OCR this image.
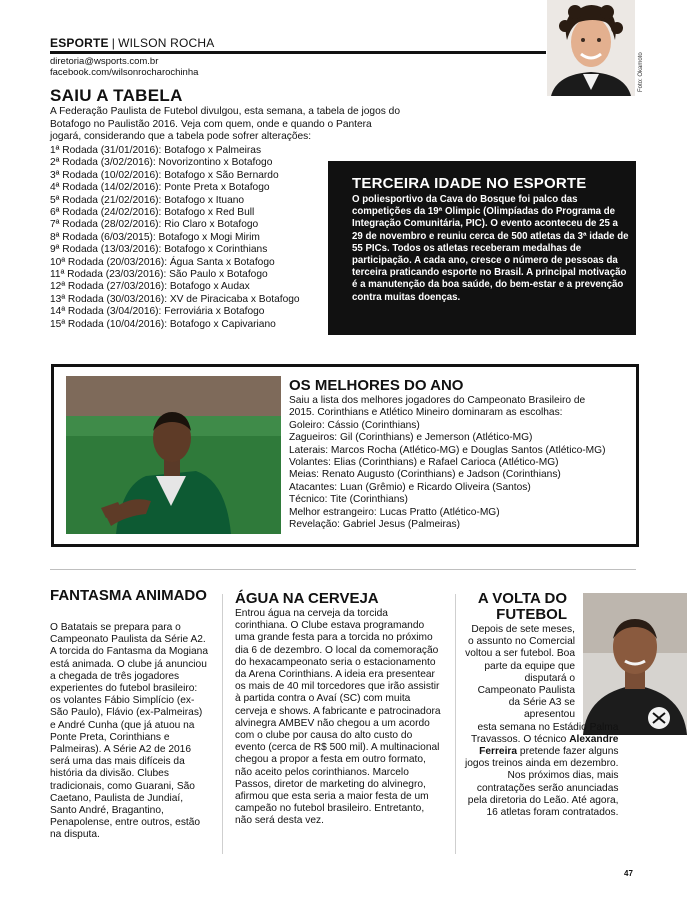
ESPORTE | WILSON ROCHA
diretoria@wsports.com.br
facebook.com/wilsonrocharochinha	Foto: Okamoto
SAIU A TABELA
A Federação Paulista de Futebol divulgou, esta semana, a tabela de jogos do Botafogo no Paulistão 2016. Veja com quem, onde e quando o Pantera jogará, considerando que a tabela pode sofrer alterações:
1ª Rodada (31/01/2016): Botafogo x Palmeiras
2ª Rodada (3/02/2016): Novorizontino x Botafogo
3ª Rodada (10/02/2016): Botafogo x São Bernardo
4ª Rodada (14/02/2016): Ponte Preta x Botafogo
5ª Rodada (21/02/2016): Botafogo x Ituano
6ª Rodada (24/02/2016): Botafogo x Red Bull
7ª Rodada (28/02/2016): Rio Claro x Botafogo
8ª Rodada (6/03/2015): Botafogo x Mogi Mirim
9ª Rodada (13/03/2016): Botafogo x Corinthians
10ª Rodada (20/03/2016): Água Santa x Botafogo
11ª Rodada (23/03/2016): São Paulo x Botafogo
12ª Rodada (27/03/2016): Botafogo x Audax
13ª Rodada (30/03/2016): XV de Piracicaba x Botafogo
14ª Rodada (3/04/2016): Ferroviária x Botafogo
15ª Rodada (10/04/2016): Botafogo x Capivariano
TERCEIRA IDADE NO ESPORTE
O poliesportivo da Cava do Bosque foi palco das competições da 19ª Olimpic (Olimpíadas do Programa de Integração Comunitária, PIC). O evento aconteceu de 25 a 29 de novembro e reuniu cerca de 500 atletas da 3ª idade de 55 PICs. Todos os atletas receberam medalhas de participação. A cada ano, cresce o número de pessoas da terceira praticando esporte no Brasil. A principal motivação é a manutenção da boa saúde, do bem-estar e a prevenção contra muitas doenças.
OS MELHORES DO ANO
Saiu a lista dos melhores jogadores do Campeonato Brasileiro de
2015. Corinthians e Atlético Mineiro dominaram as escolhas:
Goleiro: Cássio (Corinthians)
Zagueiros: Gil (Corinthians) e Jemerson (Atlético-MG)
Laterais: Marcos Rocha (Atlético-MG) e Douglas Santos (Atlético-MG)
Volantes: Elias (Corinthians) e Rafael Carioca (Atlético-MG)
Meias: Renato Augusto (Corinthians) e Jadson (Corinthians)
Atacantes: Luan (Grêmio) e Ricardo Oliveira (Santos)
Técnico: Tite (Corinthians)
Melhor estrangeiro: Lucas Pratto (Atlético-MG)
Revelação: Gabriel Jesus (Palmeiras)
FANTASMA ANIMADO
O Batatais se prepara para o Campeonato Paulista da Série A2. A torcida do Fantasma da Mogiana está animada. O clube já anunciou a chegada de três jogadores experientes do futebol brasileiro: os volantes Fábio Simplício (ex-São Paulo), Flávio (ex-Palmeiras) e André Cunha (que já atuou na Ponte Preta, Corinthians e Palmeiras). A Série A2 de 2016 será uma das mais difíceis da história da divisão. Clubes tradicionais, como Guarani, São Caetano, Paulista de Jundiaí, Santo André, Bragantino, Penapolense, entre outros, estão na disputa.
ÁGUA NA CERVEJA
Entrou água na cerveja da torcida corinthiana. O Clube estava programando uma grande festa para a torcida no próximo dia 6 de dezembro. O local da comemoração do hexacampeonato seria o estacionamento da Arena Corinthians. A ideia era presentear os mais de 40 mil torcedores que irão assistir à partida contra o Avaí (SC) com muita cerveja e shows. A fabricante e patrocinadora alvinegra AMBEV não chegou a um acordo com o clube por causa do alto custo do evento (cerca de R$ 500 mil). A multinacional chegou a propor a festa em outro formato, não aceito pelos corinthianos. Marcelo Passos, diretor de marketing do alvinegro, afirmou que esta seria a maior festa de um campeão no futebol brasileiro. Entretanto, não será desta vez.
A VOLTA DO FUTEBOL
Depois de sete meses, o assunto no Comercial voltou a ser futebol. Boa parte da equipe que disputará o Campeonato Paulista da Série A3 se apresentou
esta semana no Estádio Palma
Travassos. O técnico Alexandre
Ferreira pretende fazer alguns
jogos treinos ainda em dezembro.
Nos próximos dias, mais
contratações serão anunciadas
pela diretoria do Leão. Até agora,
16 atletas foram contratados.
47
